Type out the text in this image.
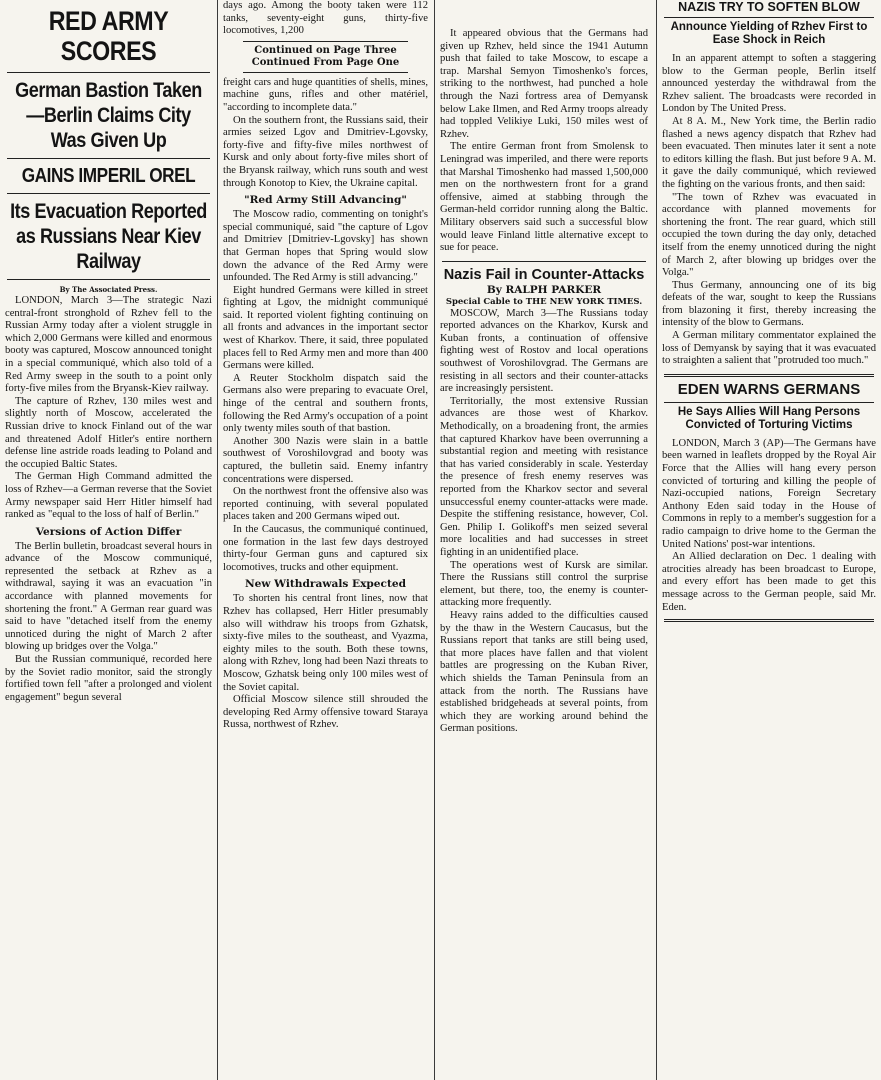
RED ARMY SCORES
German Bastion Taken —Berlin Claims City Was Given Up
GAINS IMPERIL OREL
Its Evacuation Reported as Russians Near Kiev Railway
By The Associated Press.

LONDON, March 3—The strategic Nazi central-front stronghold of Rzhev fell to the Russian Army today after a violent struggle in which 2,000 Germans were killed and enormous booty was captured, Moscow announced tonight in a special communiqué, which also told of a Red Army sweep in the south to a point only forty-five miles from the Bryansk-Kiev railway.

The capture of Rzhev, 130 miles west and slightly north of Moscow, accelerated the Russian drive to knock Finland out of the war and threatened Adolf Hitler's entire northern defense line astride roads leading to Poland and the occupied Baltic States.

The German High Command admitted the loss of Rzhev—a German reverse that the Soviet Army newspaper said Herr Hitler himself had ranked as "equal to the loss of half of Berlin."

Versions of Action Differ

The Berlin bulletin, broadcast several hours in advance of the Moscow communiqué, represented the setback at Rzhev as a withdrawal, saying it was an evacuation "in accordance with planned movements for shortening the front." A German rear guard was said to have "detached itself from the enemy unnoticed during the night of March 2 after blowing up bridges over the Volga."

But the Russian communiqué, recorded here by the Soviet radio monitor, said the strongly fortified town fell "after a prolonged and violent engagement" begun several

days ago. Among the booty taken were 112 tanks, seventy-eight guns, thirty-five locomotives, 1,200

Continued on Page Three
Continued From Page One

freight cars and huge quantities of shells, mines, machine guns, rifles and other matériel, "according to incomplete data."

On the southern front, the Russians said, their armies seized Lgov and Dmitriev-Lgovsky, forty-five and fifty-five miles northwest of Kursk and only about forty-five miles short of the Bryansk railway, which runs south and west through Konotop to Kiev, the Ukraine capital.

"Red Army Still Advancing"

The Moscow radio, commenting on tonight's special communiqué, said "the capture of Lgov and Dmitriev [Dmitriev-Lgovsky] has shown that German hopes that Spring would slow down the advance of the Red Army were unfounded. The Red Army is still advancing."

Eight hundred Germans were killed in street fighting at Lgov, the midnight communiqué said. It reported violent fighting continuing on all fronts and advances in the important sector west of Kharkov. There, it said, three populated places fell to Red Army men and more than 400 Germans were killed.

A Reuter Stockholm dispatch said the Germans also were preparing to evacuate Orel, hinge of the central and southern fronts, following the Red Army's occupation of a point only twenty miles south of that bastion.

Another 300 Nazis were slain in a battle southwest of Voroshilovgrad and booty was captured, the bulletin said. Enemy infantry concentrations were dispersed.

On the northwest front the offensive also was reported continuing, with several populated places taken and 200 Germans wiped out.

In the Caucasus, the communiqué continued, one formation in the last few days destroyed thirty-four German guns and captured six locomotives, trucks and other equipment.

New Withdrawals Expected

To shorten his central front lines, now that Rzhev has collapsed, Herr Hitler presumably also will withdraw his troops from Gzhatsk, sixty-five miles to the southeast, and Vyazma, eighty miles to the south. Both these towns, along with Rzhev, long had been Nazi threats to Moscow, Gzhatsk being only 100 miles west of the Soviet capital.

Official Moscow silence still shrouded the developing Red Army offensive toward Staraya Russa, northwest of Rzhev.

It appeared obvious that the Germans had given up Rzhev, held since the 1941 Autumn push that failed to take Moscow, to escape a trap. Marshal Semyon Timoshenko's forces, striking to the northwest, had punched a hole through the Nazi fortress area of Demyansk below Lake Ilmen, and Red Army troops already had toppled Velikiye Luki, 150 miles west of Rzhev.

The entire German front from Smolensk to Leningrad was imperiled, and there were reports that Marshal Timoshenko had massed 1,500,000 men on the northwestern front for a grand offensive, aimed at stabbing through the German-held corridor running along the Baltic. Military observers said such a successful blow would leave Finland little alternative except to sue for peace.

Nazis Fail in Counter-Attacks
By RALPH PARKER
Special Cable to THE NEW YORK TIMES.

MOSCOW, March 3—The Russians today reported advances on the Kharkov, Kursk and Kuban fronts, a continuation of offensive fighting west of Rostov and local operations southwest of Voroshilovgrad. The Germans are resisting in all sectors and their counter-attacks are increasingly persistent.

Territorially, the most extensive Russian advances are those west of Kharkov. Methodically, on a broadening front, the armies that captured Kharkov have been overrunning a substantial region and meeting with resistance that has varied considerably in scale. Yesterday the presence of fresh enemy reserves was reported from the Kharkov sector and several unsuccessful enemy counter-attacks were made. Despite the stiffening resistance, however, Col. Gen. Philip I. Golikoff's men seized several more localities and had successes in street fighting in an unidentified place.

The operations west of Kursk are similar. There the Russians still control the surprise element, but there, too, the enemy is counter-attacking more frequently.

Heavy rains added to the difficulties caused by the thaw in the Western Caucasus, but the Russians report that tanks are still being used, that more places have fallen and that violent battles are progressing on the Kuban River, which shields the Taman Peninsula from an attack from the north. The Russians have established bridgeheads at several points, from which they are working around behind the German positions.

NAZIS TRY TO SOFTEN BLOW
Announce Yielding of Rzhev First to Ease Shock in Reich

In an apparent attempt to soften a staggering blow to the German people, Berlin itself announced yesterday the withdrawal from the Rzhev salient. The broadcasts were recorded in London by The United Press.

At 8 A. M., New York time, the Berlin radio flashed a news agency dispatch that Rzhev had been evacuated. Then minutes later it sent a note to editors killing the flash. But just before 9 A. M. it gave the daily communiqué, which reviewed the fighting on the various fronts, and then said:

"The town of Rzhev was evacuated in accordance with planned movements for shortening the front. The rear guard, which still occupied the town during the day only, detached itself from the enemy unnoticed during the night of March 2, after blowing up bridges over the Volga."

Thus Germany, announcing one of its big defeats of the war, sought to keep the Russians from blazoning it first, thereby increasing the intensity of the blow to Germans.

A German military commentator explained the loss of Demyansk by saying that it was evacuated to straighten a salient that "protruded too much."

EDEN WARNS GERMANS
He Says Allies Will Hang Persons Convicted of Torturing Victims

LONDON, March 3 (AP)—The Germans have been warned in leaflets dropped by the Royal Air Force that the Allies will hang every person convicted of torturing and killing the people of Nazi-occupied nations, Foreign Secretary Anthony Eden said today in the House of Commons in reply to a member's suggestion for a radio campaign to drive home to the German the United Nations' post-war intentions.

An Allied declaration on Dec. 1 dealing with atrocities already has been broadcast to Europe, and every effort has been made to get this message across to the German people, said Mr. Eden.
